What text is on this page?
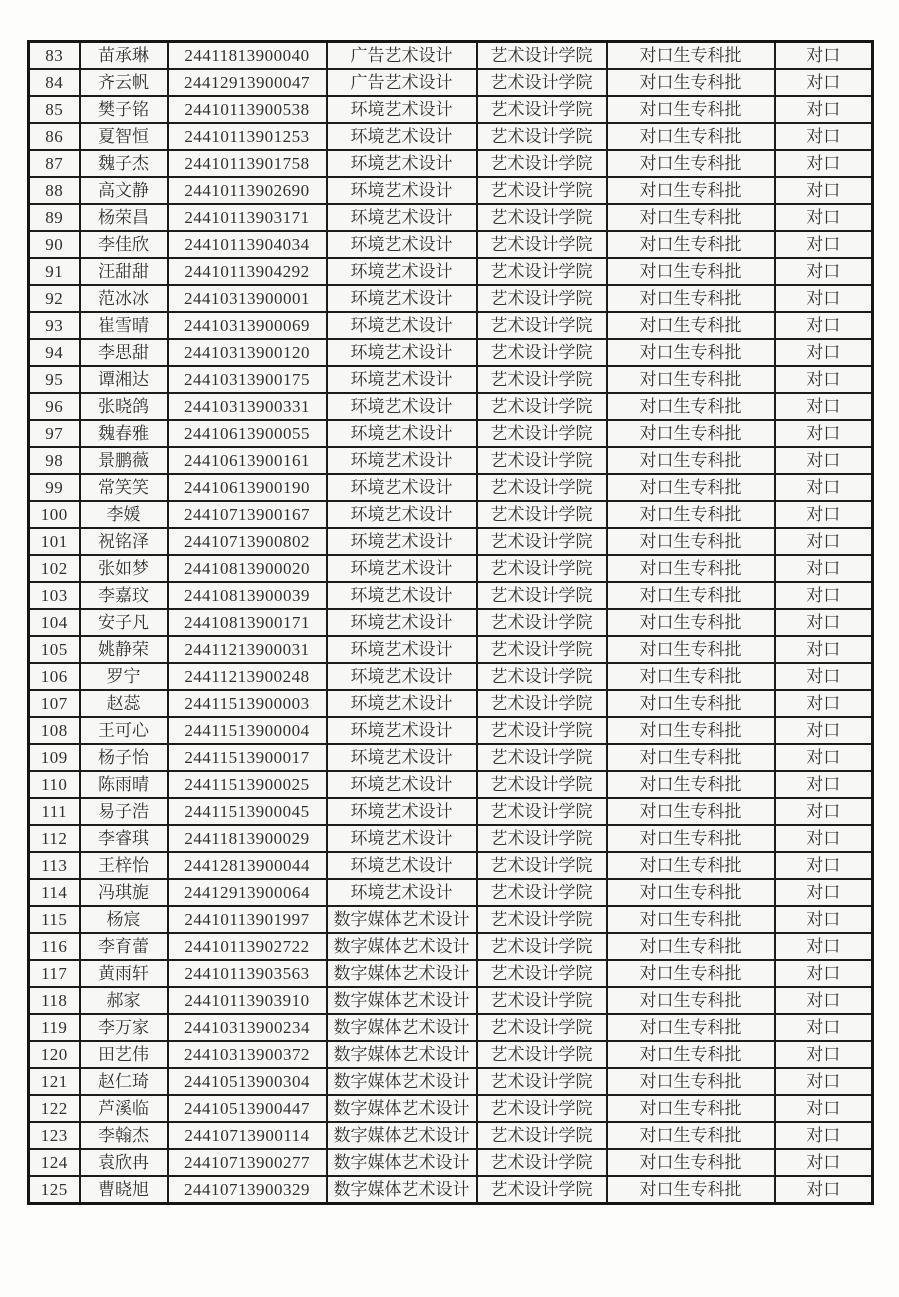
83	苗承琳	24411813900040	广告艺术设计	艺术设计学院	对口生专科批	对口
84	齐云帆	24412913900047	广告艺术设计	艺术设计学院	对口生专科批	对口
85	樊子铭	24410113900538	环境艺术设计	艺术设计学院	对口生专科批	对口
86	夏智恒	24410113901253	环境艺术设计	艺术设计学院	对口生专科批	对口
87	魏子杰	24410113901758	环境艺术设计	艺术设计学院	对口生专科批	对口
88	高文静	24410113902690	环境艺术设计	艺术设计学院	对口生专科批	对口
89	杨荣昌	24410113903171	环境艺术设计	艺术设计学院	对口生专科批	对口
90	李佳欣	24410113904034	环境艺术设计	艺术设计学院	对口生专科批	对口
91	汪甜甜	24410113904292	环境艺术设计	艺术设计学院	对口生专科批	对口
92	范冰冰	24410313900001	环境艺术设计	艺术设计学院	对口生专科批	对口
93	崔雪晴	24410313900069	环境艺术设计	艺术设计学院	对口生专科批	对口
94	李思甜	24410313900120	环境艺术设计	艺术设计学院	对口生专科批	对口
95	谭湘达	24410313900175	环境艺术设计	艺术设计学院	对口生专科批	对口
96	张晓鸽	24410313900331	环境艺术设计	艺术设计学院	对口生专科批	对口
97	魏春雅	24410613900055	环境艺术设计	艺术设计学院	对口生专科批	对口
98	景鹏薇	24410613900161	环境艺术设计	艺术设计学院	对口生专科批	对口
99	常笑笑	24410613900190	环境艺术设计	艺术设计学院	对口生专科批	对口
100	李媛	24410713900167	环境艺术设计	艺术设计学院	对口生专科批	对口
101	祝铭泽	24410713900802	环境艺术设计	艺术设计学院	对口生专科批	对口
102	张如梦	24410813900020	环境艺术设计	艺术设计学院	对口生专科批	对口
103	李嘉玟	24410813900039	环境艺术设计	艺术设计学院	对口生专科批	对口
104	安子凡	24410813900171	环境艺术设计	艺术设计学院	对口生专科批	对口
105	姚静荣	24411213900031	环境艺术设计	艺术设计学院	对口生专科批	对口
106	罗宁	24411213900248	环境艺术设计	艺术设计学院	对口生专科批	对口
107	赵蕊	24411513900003	环境艺术设计	艺术设计学院	对口生专科批	对口
108	王可心	24411513900004	环境艺术设计	艺术设计学院	对口生专科批	对口
109	杨子怡	24411513900017	环境艺术设计	艺术设计学院	对口生专科批	对口
110	陈雨晴	24411513900025	环境艺术设计	艺术设计学院	对口生专科批	对口
111	易子浩	24411513900045	环境艺术设计	艺术设计学院	对口生专科批	对口
112	李睿琪	24411813900029	环境艺术设计	艺术设计学院	对口生专科批	对口
113	王梓怡	24412813900044	环境艺术设计	艺术设计学院	对口生专科批	对口
114	冯琪旎	24412913900064	环境艺术设计	艺术设计学院	对口生专科批	对口
115	杨宸	24410113901997	数字媒体艺术设计	艺术设计学院	对口生专科批	对口
116	李育蕾	24410113902722	数字媒体艺术设计	艺术设计学院	对口生专科批	对口
117	黄雨轩	24410113903563	数字媒体艺术设计	艺术设计学院	对口生专科批	对口
118	郝家	24410113903910	数字媒体艺术设计	艺术设计学院	对口生专科批	对口
119	李万家	24410313900234	数字媒体艺术设计	艺术设计学院	对口生专科批	对口
120	田艺伟	24410313900372	数字媒体艺术设计	艺术设计学院	对口生专科批	对口
121	赵仁琦	24410513900304	数字媒体艺术设计	艺术设计学院	对口生专科批	对口
122	芦溪临	24410513900447	数字媒体艺术设计	艺术设计学院	对口生专科批	对口
123	李翰杰	24410713900114	数字媒体艺术设计	艺术设计学院	对口生专科批	对口
124	袁欣冉	24410713900277	数字媒体艺术设计	艺术设计学院	对口生专科批	对口
125	曹晓旭	24410713900329	数字媒体艺术设计	艺术设计学院	对口生专科批	对口
